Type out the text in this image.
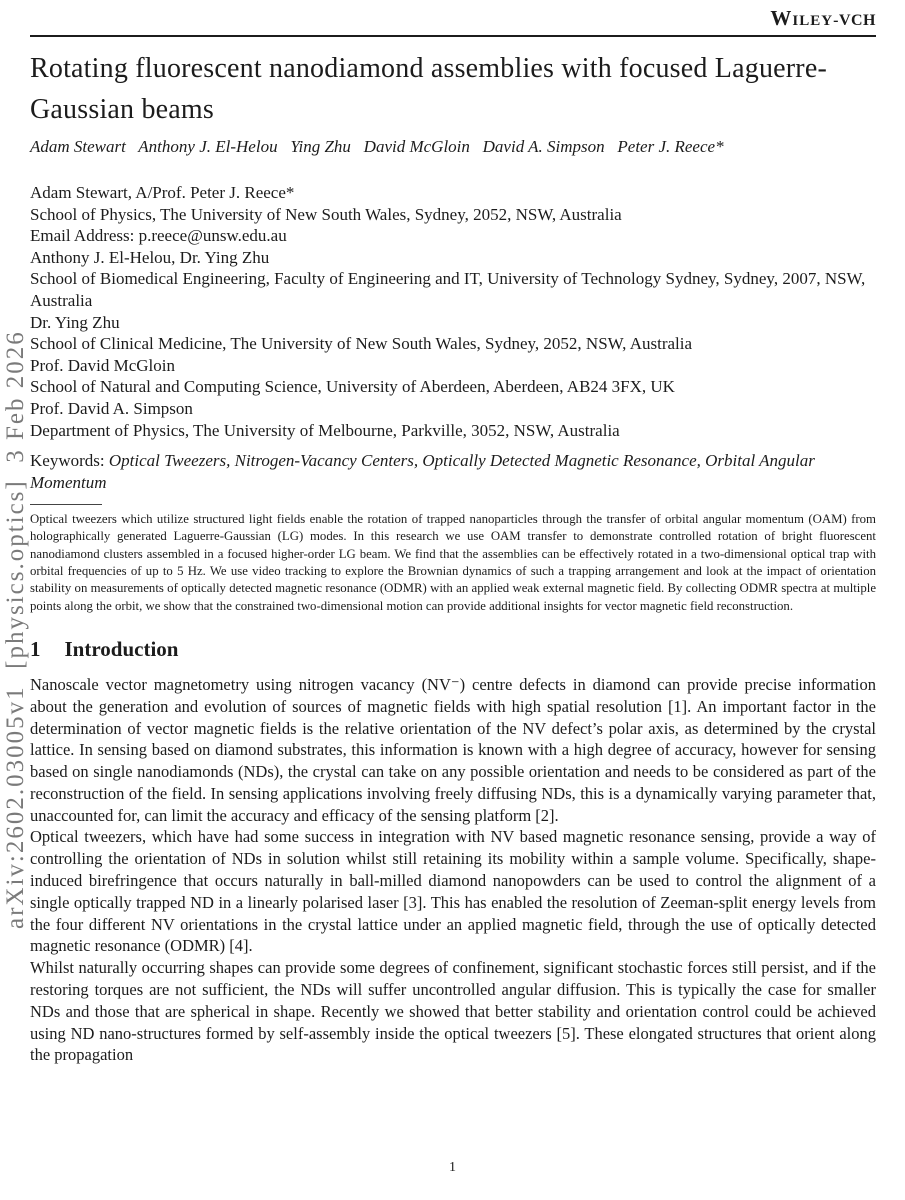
arXiv:2602.03005v1  [physics.optics]  3 Feb 2026
Wiley-VCH
Rotating fluorescent nanodiamond assemblies with focused Laguerre-Gaussian beams
Adam Stewart   Anthony J. El-Helou   Ying Zhu   David McGloin   David A. Simpson   Peter J. Reece*
Adam Stewart, A/Prof. Peter J. Reece*
School of Physics, The University of New South Wales, Sydney, 2052, NSW, Australia
Email Address: p.reece@unsw.edu.au
Anthony J. El-Helou, Dr. Ying Zhu
School of Biomedical Engineering, Faculty of Engineering and IT, University of Technology Sydney, Sydney, 2007, NSW, Australia
Dr. Ying Zhu
School of Clinical Medicine, The University of New South Wales, Sydney, 2052, NSW, Australia
Prof. David McGloin
School of Natural and Computing Science, University of Aberdeen, Aberdeen, AB24 3FX, UK
Prof. David A. Simpson
Department of Physics, The University of Melbourne, Parkville, 3052, NSW, Australia
Keywords: Optical Tweezers, Nitrogen-Vacancy Centers, Optically Detected Magnetic Resonance, Orbital Angular Momentum

Optical tweezers which utilize structured light fields enable the rotation of trapped nanoparticles through the transfer of orbital angular momentum (OAM) from holographically generated Laguerre-Gaussian (LG) modes. In this research we use OAM transfer to demonstrate controlled rotation of bright fluorescent nanodiamond clusters assembled in a focused higher-order LG beam. We find that the assemblies can be effectively rotated in a two-dimensional optical trap with orbital frequencies of up to 5 Hz. We use video tracking to explore the Brownian dynamics of such a trapping arrangement and look at the impact of orientation stability on measurements of optically detected magnetic resonance (ODMR) with an applied weak external magnetic field. By collecting ODMR spectra at multiple points along the orbit, we show that the constrained two-dimensional motion can provide additional insights for vector magnetic field reconstruction.

1 Introduction

Nanoscale vector magnetometry using nitrogen vacancy (NV⁻) centre defects in diamond can provide precise information about the generation and evolution of sources of magnetic fields with high spatial resolution [1]. An important factor in the determination of vector magnetic fields is the relative orientation of the NV defect’s polar axis, as determined by the crystal lattice. In sensing based on diamond substrates, this information is known with a high degree of accuracy, however for sensing based on single nanodiamonds (NDs), the crystal can take on any possible orientation and needs to be considered as part of the reconstruction of the field. In sensing applications involving freely diffusing NDs, this is a dynamically varying parameter that, unaccounted for, can limit the accuracy and efficacy of the sensing platform [2].

Optical tweezers, which have had some success in integration with NV based magnetic resonance sensing, provide a way of controlling the orientation of NDs in solution whilst still retaining its mobility within a sample volume. Specifically, shape-induced birefringence that occurs naturally in ball-milled diamond nanopowders can be used to control the alignment of a single optically trapped ND in a linearly polarised laser [3]. This has enabled the resolution of Zeeman-split energy levels from the four different NV orientations in the crystal lattice under an applied magnetic field, through the use of optically detected magnetic resonance (ODMR) [4].

Whilst naturally occurring shapes can provide some degrees of confinement, significant stochastic forces still persist, and if the restoring torques are not sufficient, the NDs will suffer uncontrolled angular diffusion. This is typically the case for smaller NDs and those that are spherical in shape. Recently we showed that better stability and orientation control could be achieved using ND nano-structures formed by self-assembly inside the optical tweezers [5]. These elongated structures that orient along the propagation

1
